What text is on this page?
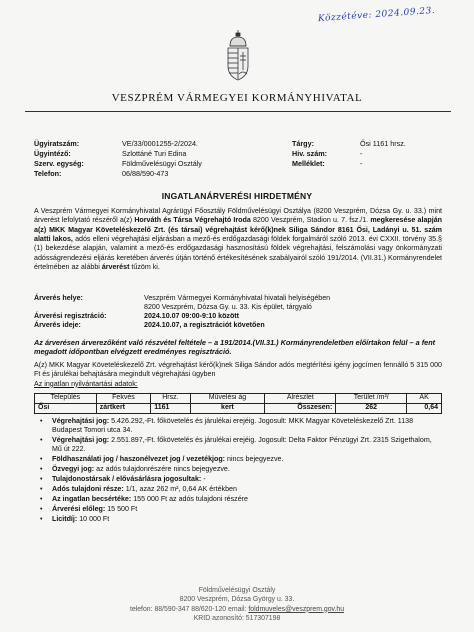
Közzétéve: 2024.09.23.
VESZPRÉM VÁRMEGYEI KORMÁNYHIVATAL
Ügyiratszám:	VE/33/0001255-2/2024.
Ügyintéző:	Szlottáné Turi Edina
Szerv. egység:	Földművelésügyi Osztály
Telefon:	06/88/590-473
Tárgy:	Ősi 1161 hrsz.
Hiv. szám:	-
Melléklet:	-
INGATLANÁRVERÉSI HIRDETMÉNY
A Veszprém Vármegyei Kormányhivatal Agrárügyi Főosztály Földművelésügyi Osztálya (8200 Veszprém, Dózsa Gy. u. 33.) mint árverést lefolytató részéről a(z) Horváth és Társa Végrehajtó Iroda 8200 Veszprém, Stadion u. 7. fsz./1. megkeresése alapján a(z) MKK Magyar Követeléskezelő Zrt. (és társai) végrehajtást kérő(k)nek Siliga Sándor 8161 Ősi, Ladányi u. 51. szám alatti lakos, adós elleni végrehajtási eljárásban a mező-és erdőgazdasági földek forgalmáról szóló 2013. évi CXXII. törvény 35.§ (1) bekezdése alapján, valamint a mező-és erdőgazdasági hasznosítású földek végrehajtási, felszámolási vagy önkormányzati adósságrendezési eljárás keretében árverés útján történő értékesítésének szabályairól szóló 191/2014. (VII.31.) Kormányrendelet értelmében az alábbi árverést tűzöm ki.
Árverés helye:	Veszprém Vármegyei Kormányhivatal hivatali helyiségében
8200 Veszprém, Dózsa Gy. u. 33. Kis épület, tárgyaló
Árverési regisztráció:	2024.10.07 09:00-9:10 között
Árverés ideje:	2024.10.07, a regisztrációt követően
Az árverésen árverezőként való részvétel feltétele – a 191/2014.(VII.31.) Kormányrendeletben előírtakon felül – a fent megadott időpontban elvégzett eredményes regisztráció.
A(z) MKK Magyar Követeléskezelő Zrt. végrehajtást kérő(k)nek Siliga Sándor adós megtérítési igény jogcímen fennálló 5 315 000 Ft és járulékai behajtására megindult végrehajtási ügyben
Az ingatlan nyilvántartási adatok:
Település	Fekvés	Hrsz.	Művelési ág	Alrészlet	Terület /m²/	AK
Ősi	zártkert	1161	kert	Összesen:	262	0,64
• Végrehajtási jog: 5.426.292,-Ft. főkövetelés és járulékai erejéig. Jogosult: MKK Magyar Követeléskezelő Zrt. 1138 Budapest Tomori utca 34.
• Végrehajtási jog: 2.551.897,-Ft. főkövetelés és járulékai erejéig. Jogosult: Delta Faktor Pénzügyi Zrt. 2315 Szigethalom, Mű út 222.
• Földhasználati jog / haszonélvezet jog / vezetékjog: nincs bejegyezve.
• Özvegyi jog: az adós tulajdonrészére nincs bejegyezve.
• Tulajdonostársak / elővásárlásra jogosultak: -
• Adós tulajdoni része: 1/1, azaz 262 m², 0,64 AK értékben
• Az ingatlan becsértéke: 155 000 Ft az adós tulajdoni részére
• Árverési előleg: 15 500 Ft
• Licitdíj: 10 000 Ft
Földművelésügyi Osztály
8200 Veszprém, Dózsa György u. 33.
telefon: 88/590-347 88/620-120 email: foldmuveles@veszprem.gov.hu
KRID azonosító: 517307198
